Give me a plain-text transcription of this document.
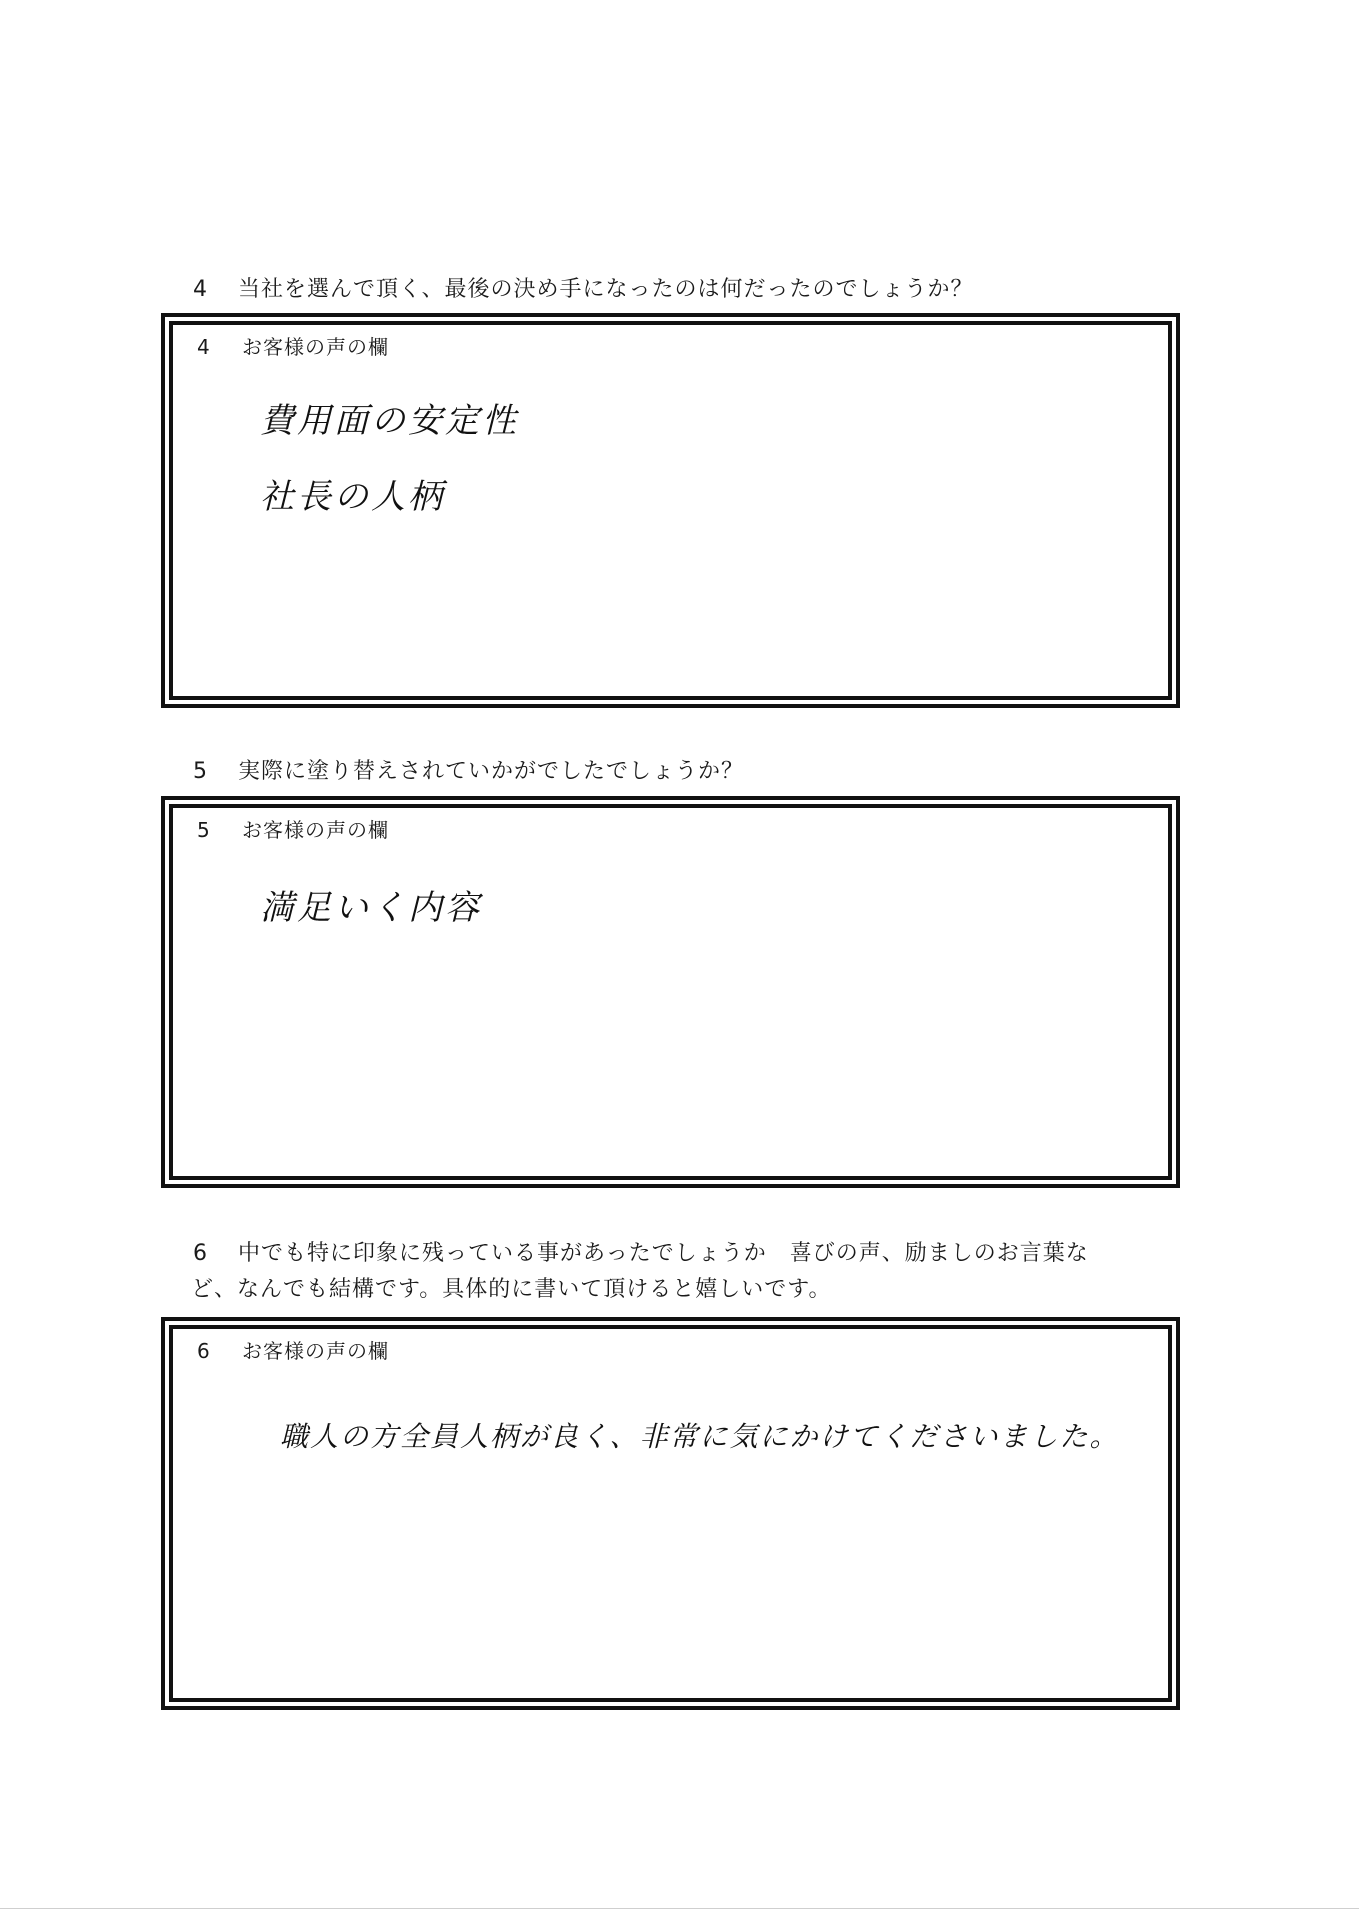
4 当社を選んで頂く、最後の決め手になったのは何だったのでしょうか？
4 お客様の声の欄
費用面の安定性
社長の人柄
5 実際に塗り替えされていかがでしたでしょうか？
5 お客様の声の欄
満足いく内容
6 中でも特に印象に残っている事があったでしょうか　喜びの声、励ましのお言葉な
ど、なんでも結構です。具体的に書いて頂けると嬉しいです。
6 お客様の声の欄
職人の方全員人柄が良く、非常に気にかけてくださいました。
